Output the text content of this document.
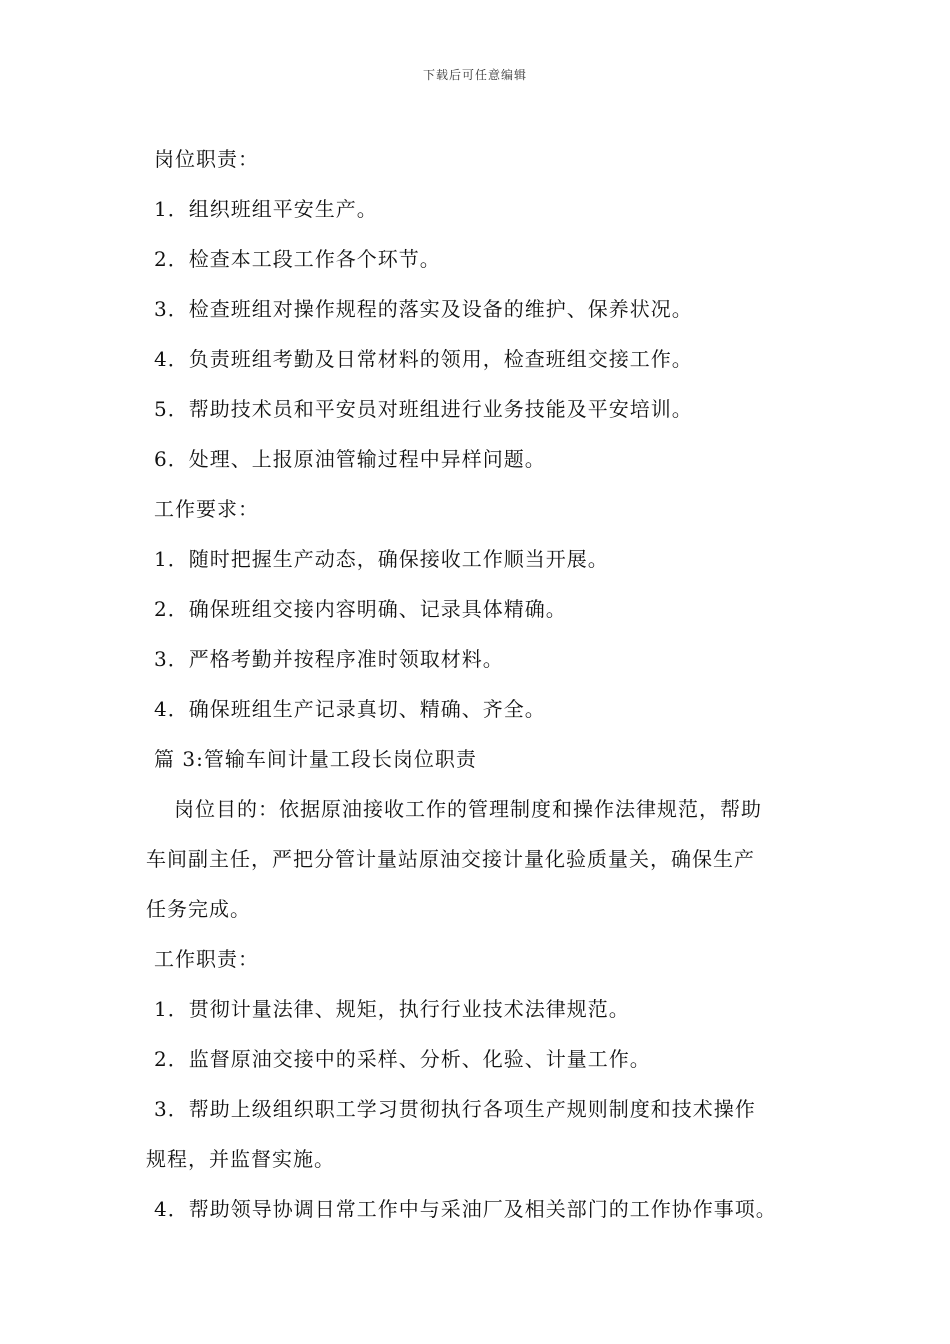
下载后可任意编辑
岗位职责：
1．组织班组平安生产。
2．检查本工段工作各个环节。
3．检查班组对操作规程的落实及设备的维护、保养状况。
4．负责班组考勤及日常材料的领用，检查班组交接工作。
5．帮助技术员和平安员对班组进行业务技能及平安培训。
6．处理、上报原油管输过程中异样问题。
工作要求：
1．随时把握生产动态，确保接收工作顺当开展。
2．确保班组交接内容明确、记录具体精确。
3．严格考勤并按程序准时领取材料。
4．确保班组生产记录真切、精确、齐全。
篇 3:管输车间计量工段长岗位职责
岗位目的：依据原油接收工作的管理制度和操作法律规范，帮助
车间副主任，严把分管计量站原油交接计量化验质量关，确保生产
任务完成。
工作职责：
1．贯彻计量法律、规矩，执行行业技术法律规范。
2．监督原油交接中的采样、分析、化验、计量工作。
3．帮助上级组织职工学习贯彻执行各项生产规则制度和技术操作
规程，并监督实施。
4．帮助领导协调日常工作中与采油厂及相关部门的工作协作事项。
